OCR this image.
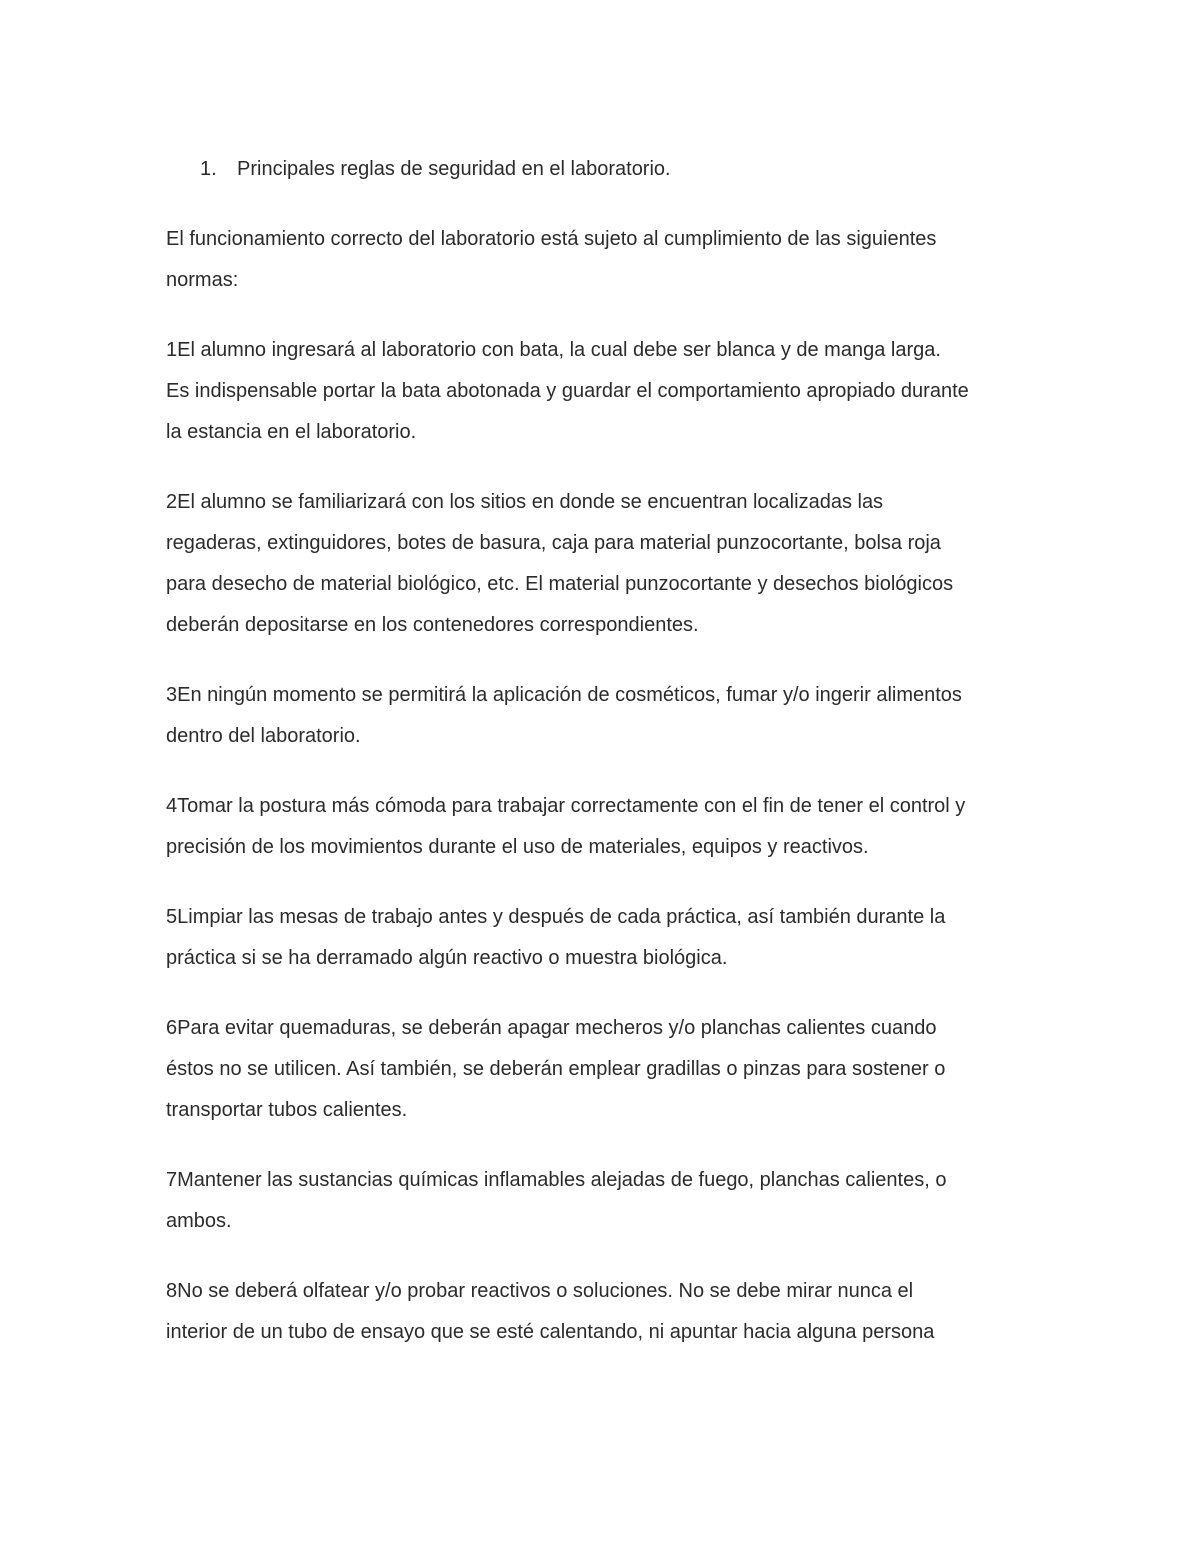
1. Principales reglas de seguridad en el laboratorio.

El funcionamiento correcto del laboratorio está sujeto al cumplimiento de las siguientes
normas:

1El alumno ingresará al laboratorio con bata, la cual debe ser blanca y de manga larga.
Es indispensable portar la bata abotonada y guardar el comportamiento apropiado durante
la estancia en el laboratorio.

2El alumno se familiarizará con los sitios en donde se encuentran localizadas las
regaderas, extinguidores, botes de basura, caja para material punzocortante, bolsa roja
para desecho de material biológico, etc. El material punzocortante y desechos biológicos
deberán depositarse en los contenedores correspondientes.

3En ningún momento se permitirá la aplicación de cosméticos, fumar y/o ingerir alimentos
dentro del laboratorio.

4Tomar la postura más cómoda para trabajar correctamente con el fin de tener el control y
precisión de los movimientos durante el uso de materiales, equipos y reactivos.

5Limpiar las mesas de trabajo antes y después de cada práctica, así también durante la
práctica si se ha derramado algún reactivo o muestra biológica.

6Para evitar quemaduras, se deberán apagar mecheros y/o planchas calientes cuando
éstos no se utilicen. Así también, se deberán emplear gradillas o pinzas para sostener o
transportar tubos calientes.

7Mantener las sustancias químicas inflamables alejadas de fuego, planchas calientes, o
ambos.

8No se deberá olfatear y/o probar reactivos o soluciones. No se debe mirar nunca el
interior de un tubo de ensayo que se esté calentando, ni apuntar hacia alguna persona
